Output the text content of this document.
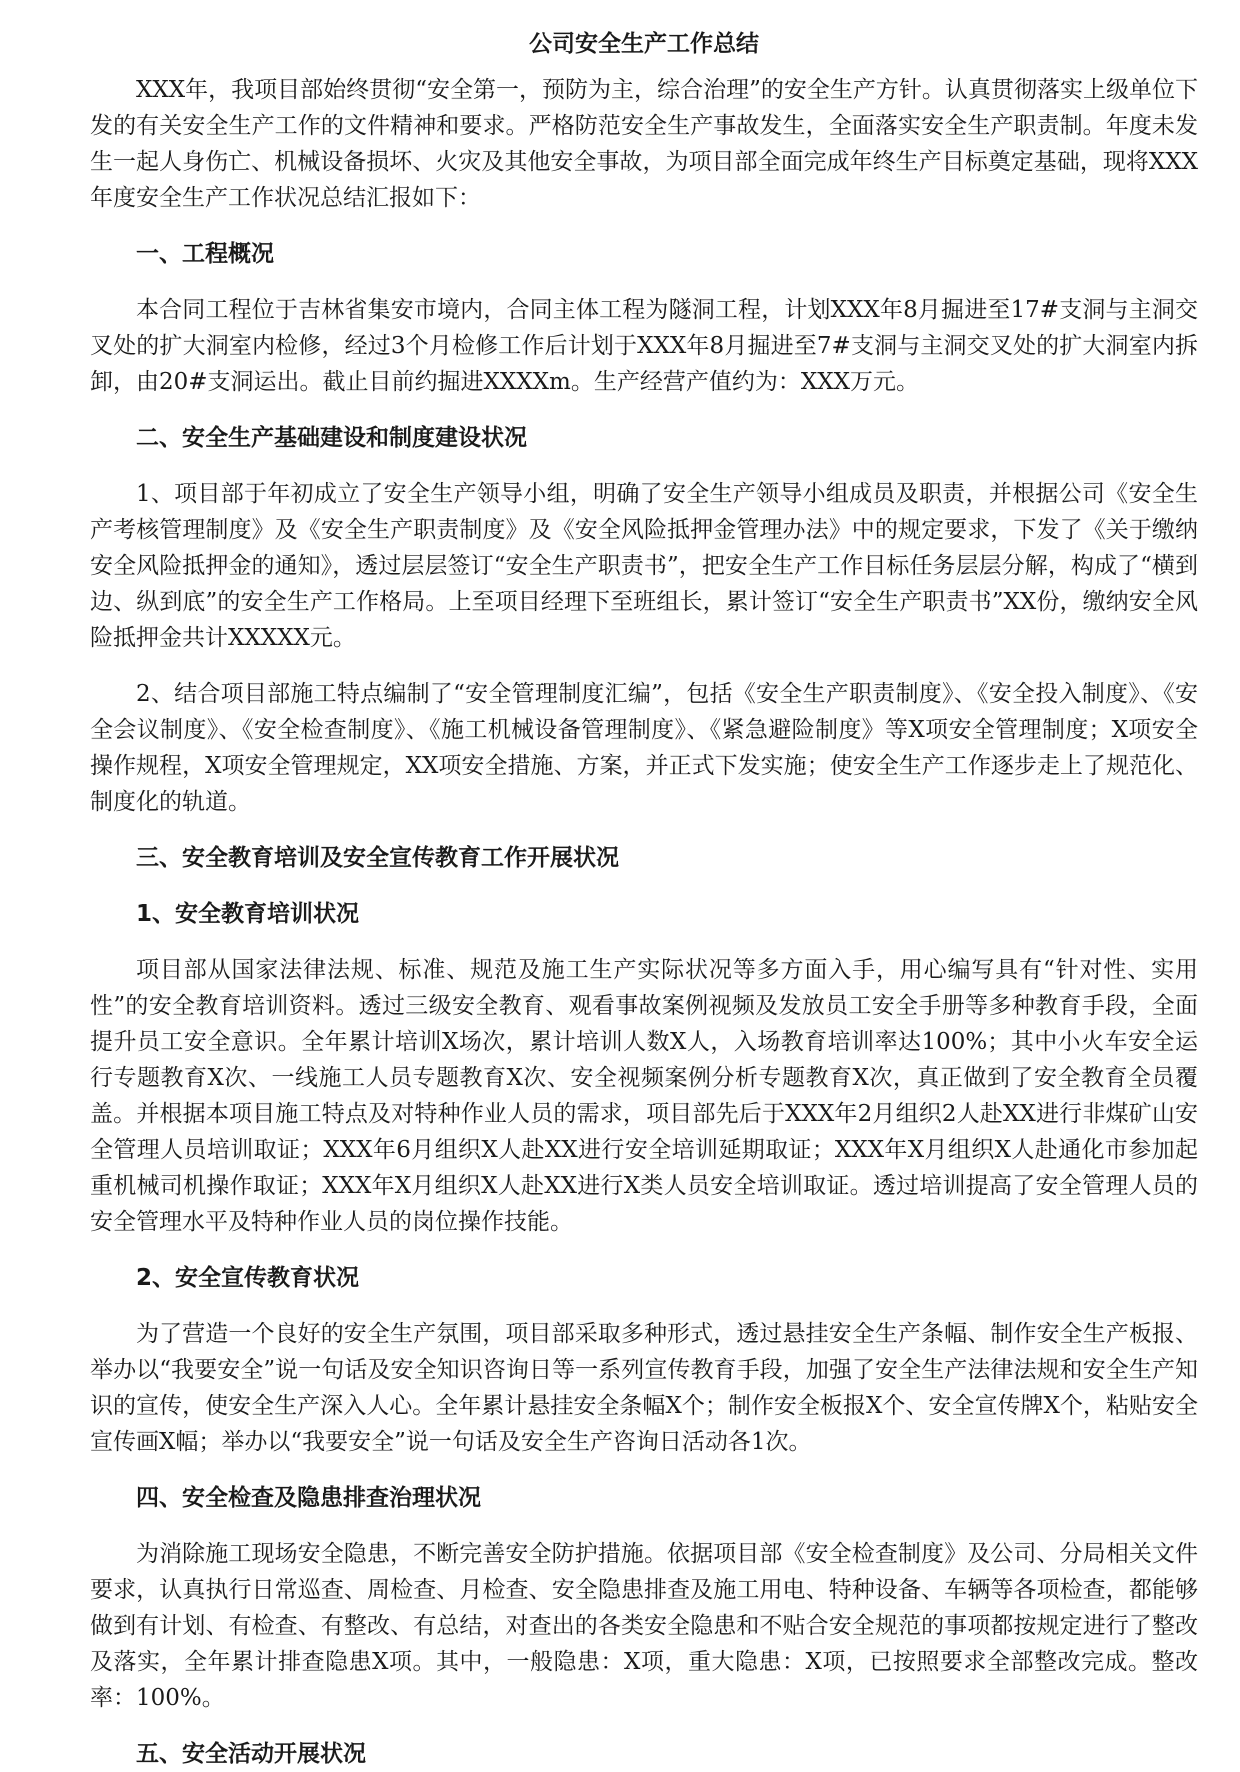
公司安全生产工作总结

XXX年，我项目部始终贯彻“安全第一，预防为主，综合治理”的安全生产方针。认真贯彻落实上级单位下发的有关安全生产工作的文件精神和要求。严格防范安全生产事故发生，全面落实安全生产职责制。年度未发生一起人身伤亡、机械设备损坏、火灾及其他安全事故，为项目部全面完成年终生产目标奠定基础，现将XXX年度安全生产工作状况总结汇报如下：

一、工程概况

本合同工程位于吉林省集安市境内，合同主体工程为隧洞工程，计划XXX年8月掘进至17#支洞与主洞交叉处的扩大洞室内检修，经过3个月检修工作后计划于XXX年8月掘进至7#支洞与主洞交叉处的扩大洞室内拆卸，由20#支洞运出。截止目前约掘进XXXXm。生产经营产值约为：XXX万元。

二、安全生产基础建设和制度建设状况

1、项目部于年初成立了安全生产领导小组，明确了安全生产领导小组成员及职责，并根据公司《安全生产考核管理制度》及《安全生产职责制度》及《安全风险抵押金管理办法》中的规定要求，下发了《关于缴纳安全风险抵押金的通知》，透过层层签订“安全生产职责书”，把安全生产工作目标任务层层分解，构成了“横到边、纵到底”的安全生产工作格局。上至项目经理下至班组长，累计签订“安全生产职责书”XX份，缴纳安全风险抵押金共计XXXXX元。

2、结合项目部施工特点编制了“安全管理制度汇编”，包括《安全生产职责制度》、《安全投入制度》、《安全会议制度》、《安全检查制度》、《施工机械设备管理制度》、《紧急避险制度》等X项安全管理制度；X项安全操作规程，X项安全管理规定，XX项安全措施、方案，并正式下发实施；使安全生产工作逐步走上了规范化、制度化的轨道。

三、安全教育培训及安全宣传教育工作开展状况
1、安全教育培训状况

项目部从国家法律法规、标准、规范及施工生产实际状况等多方面入手，用心编写具有“针对性、实用性”的安全教育培训资料。透过三级安全教育、观看事故案例视频及发放员工安全手册等多种教育手段，全面提升员工安全意识。全年累计培训X场次，累计培训人数X人，入场教育培训率达100%；其中小火车安全运行专题教育X次、一线施工人员专题教育X次、安全视频案例分析专题教育X次，真正做到了安全教育全员覆盖。并根据本项目施工特点及对特种作业人员的需求，项目部先后于XXX年2月组织2人赴XX进行非煤矿山安全管理人员培训取证；XXX年6月组织X人赴XX进行安全培训延期取证；XXX年X月组织X人赴通化市参加起重机械司机操作取证；XXX年X月组织X人赴XX进行X类人员安全培训取证。透过培训提高了安全管理人员的安全管理水平及特种作业人员的岗位操作技能。

2、安全宣传教育状况

为了营造一个良好的安全生产氛围，项目部采取多种形式，透过悬挂安全生产条幅、制作安全生产板报、举办以“我要安全”说一句话及安全知识咨询日等一系列宣传教育手段，加强了安全生产法律法规和安全生产知识的宣传，使安全生产深入人心。全年累计悬挂安全条幅X个；制作安全板报X个、安全宣传牌X个，粘贴安全宣传画X幅；举办以“我要安全”说一句话及安全生产咨询日活动各1次。

四、安全检查及隐患排查治理状况

为消除施工现场安全隐患，不断完善安全防护措施。依据项目部《安全检查制度》及公司、分局相关文件要求，认真执行日常巡查、周检查、月检查、安全隐患排查及施工用电、特种设备、车辆等各项检查，都能够做到有计划、有检查、有整改、有总结，对查出的各类安全隐患和不贴合安全规范的事项都按规定进行了整改及落实，全年累计排查隐患X项。其中，一般隐患：X项，重大隐患：X项，已按照要求全部整改完成。整改率：100%。

五、安全活动开展状况
